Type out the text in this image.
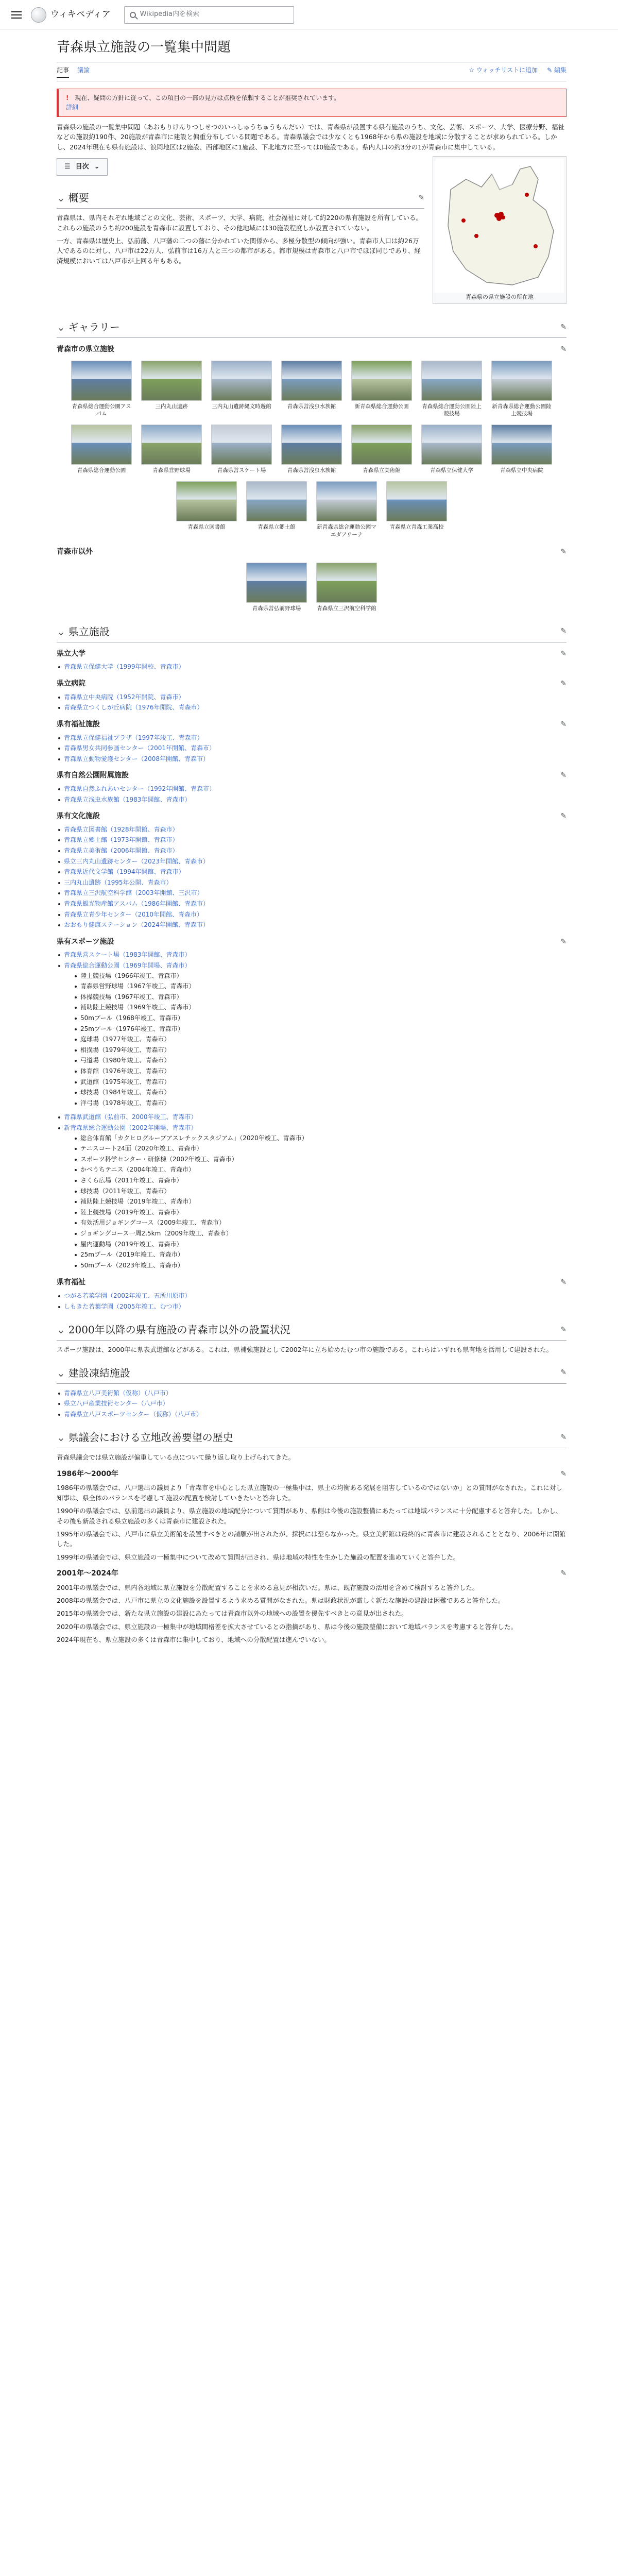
ウィキペディア	Wikipedia内を検索
青森県立施設の一覧集中問題
記事 議論	☆ ウォッチリストに追加 ✎ 編集
! 現在、疑問の方針に従って、この項目の一部の見方は点検を依頼することが推奨されています。
詳細

青森県の施設の一覧集中問題（あおもりけんりつしせつのいっしゅうちゅうもんだい）では、青森県が設置する県有施設のうち、文化、芸術、スポーツ、大学、医療分野、福祉などの施設約190件、20施設が青森市に建設と偏重分布している問題である。青森県議会では少なくとも1968年から県の施設を地域に分散することが求められている。しかし、2024年現在も県有施設は、浪岡地区は2施設、西部地区に1施設、下北地方に至っては0施設である。県内人口の約3分の1が青森市に集中している。

☰ 目次 ⌄
青森県の県立施設の所在地
⌄ 概要	✎

青森県は、県内それぞれ地域ごとの文化、芸術、スポーツ、大学、病院、社会福祉に対して約220の県有施設を所有している。これらの施設のうち約200施設を青森市に設置しており、その他地域には30施設程度しか設置されていない。

一方、青森県は歴史上、弘前藩、八戸藩の二つの藩に分かれていた関係から、多極分散型の傾向が強い。青森市人口は約26万人であるのに対し、八戸市は22万人、弘前市は16万人と三つの都市がある。都市規模は青森市と八戸市でほぼ同じであり、経済規模においては八戸市が上回る年もある。

⌄ ギャラリー	✎
青森市の県立施設	✎
青森県総合運動公園アスパム
三内丸山遺跡	三内丸山遺跡縄文時遊館	青森県営浅虫水族館	新青森県総合運動公園	青森県総合運動公園陸上競技場
新青森県総合運動公園陸上競技場
青森県総合運動公園	青森県営野球場	青森県営スケート場	青森県営浅虫水族館	青森県立美術館	青森県立保健大学	青森県立中央病院
青森県立図書館	青森県立郷土館	新青森県総合運動公園マエダアリーナ
青森県立青森工業高校
青森市以外	✎
青森県営弘前野球場	青森県立三沢航空科学館
⌄ 県立施設	✎
県立大学	✎
青森県立保健大学（1999年開校、青森市）
県立病院	✎
青森県立中央病院（1952年開院、青森市）
青森県立つくしが丘病院（1976年開院、青森市）
県有福祉施設	✎
青森県立保健福祉プラザ（1997年竣工、青森市）
青森県男女共同参画センター（2001年開館、青森市）
青森県立動物愛護センター（2008年開館、青森市）
県有自然公園附属施設	✎
青森県自然ふれあいセンター（1992年開館、青森市）
青森県立浅虫水族館（1983年開館、青森市）
県有文化施設	✎
青森県立図書館（1928年開館、青森市）
青森県立郷土館（1973年開館、青森市）
青森県立美術館（2006年開館、青森市）
県立三内丸山遺跡センター（2023年開館、青森市）
青森県近代文学館（1994年開館、青森市）
三内丸山遺跡（1995年公開、青森市）
青森県立三沢航空科学館（2003年開館、三沢市）
青森県観光物産館アスパム（1986年開館、青森市）
青森県立青少年センター（2010年開館、青森市）
おおもり健康ステーション（2024年開館、青森市）
県有スポーツ施設	✎
青森県営スケート場（1983年開館、青森市）
青森県総合運動公園（1969年開場、青森市）
陸上競技場（1966年竣工、青森市）
青森県営野球場（1967年竣工、青森市）
体操競技場（1967年竣工、青森市）
補助陸上競技場（1969年竣工、青森市）
50mプール（1968年竣工、青森市）
25mプール（1976年竣工、青森市）
庭球場（1977年竣工、青森市）
相撲場（1979年竣工、青森市）
弓道場（1980年竣工、青森市）
体育館（1976年竣工、青森市）
武道館（1975年竣工、青森市）
球技場（1984年竣工、青森市）
洋弓場（1978年竣工、青森市）
青森県武道館（弘前市、2000年竣工、青森市）
新青森県総合運動公園（2002年開場、青森市）
総合体育館「カクヒログループアスレチックスタジアム」（2020年竣工、青森市）
テニスコート24面（2020年竣工、青森市）
スポーツ科学センター・研修棟（2002年竣工、青森市）
かべうちテニス（2004年竣工、青森市）
さくら広場（2011年竣工、青森市）
球技場（2011年竣工、青森市）
補助陸上競技場（2019年竣工、青森市）
陸上競技場（2019年竣工、青森市）
有効活用ジョギングコース（2009年竣工、青森市）
ジョギングコース一周2.5km（2009年竣工、青森市）
屋内運動場（2019年竣工、青森市）
25mプール（2019年竣工、青森市）
50mプール（2023年竣工、青森市）
県有福祉	✎
つがる若菜学園（2002年竣工、五所川原市）
しもきた若葉学園（2005年竣工、むつ市）
⌄ 2000年以降の県有施設の青森市以外の設置状況	✎

スポーツ施設は、2000年に県表武道館などがある。これは、県補強施設として2002年に立ち始めたむつ市の施設である。これらはいずれも県有地を活用して建設された。

⌄ 建設凍結施設	✎
青森県立八戸美術館（仮称）（八戸市）
県立八戸産業技術センター（八戸市）
青森県立八戸スポーツセンター（仮称）（八戸市）
⌄ 県議会における立地改善要望の歴史	✎

青森県議会では県立施設が偏重している点について繰り返し取り上げられてきた。

1986年～2000年	✎

1986年の県議会では、八戸選出の議員より「青森市を中心とした県立施設の一極集中は、県土の均衡ある発展を阻害しているのではないか」との質問がなされた。これに対し知事は、県全体のバランスを考慮して施設の配置を検討していきたいと答弁した。

1990年の県議会では、弘前選出の議員より、県立施設の地域配分について質問があり、県側は今後の施設整備にあたっては地域バランスに十分配慮すると答弁した。しかし、その後も新設される県立施設の多くは青森市に建設された。

1995年の県議会では、八戸市に県立美術館を設置すべきとの請願が出されたが、採択には至らなかった。県立美術館は最終的に青森市に建設されることとなり、2006年に開館した。

1999年の県議会では、県立施設の一極集中について改めて質問が出され、県は地域の特性を生かした施設の配置を進めていくと答弁した。

2001年～2024年	✎

2001年の県議会では、県内各地域に県立施設を分散配置することを求める意見が相次いだ。県は、既存施設の活用を含めて検討すると答弁した。

2008年の県議会では、八戸市に県立の文化施設を設置するよう求める質問がなされた。県は財政状況が厳しく新たな施設の建設は困難であると答弁した。

2015年の県議会では、新たな県立施設の建設にあたっては青森市以外の地域への設置を優先すべきとの意見が出された。

2020年の県議会では、県立施設の一極集中が地域間格差を拡大させているとの指摘があり、県は今後の施設整備において地域バランスを考慮すると答弁した。

2024年現在も、県立施設の多くは青森市に集中しており、地域への分散配置は進んでいない。
